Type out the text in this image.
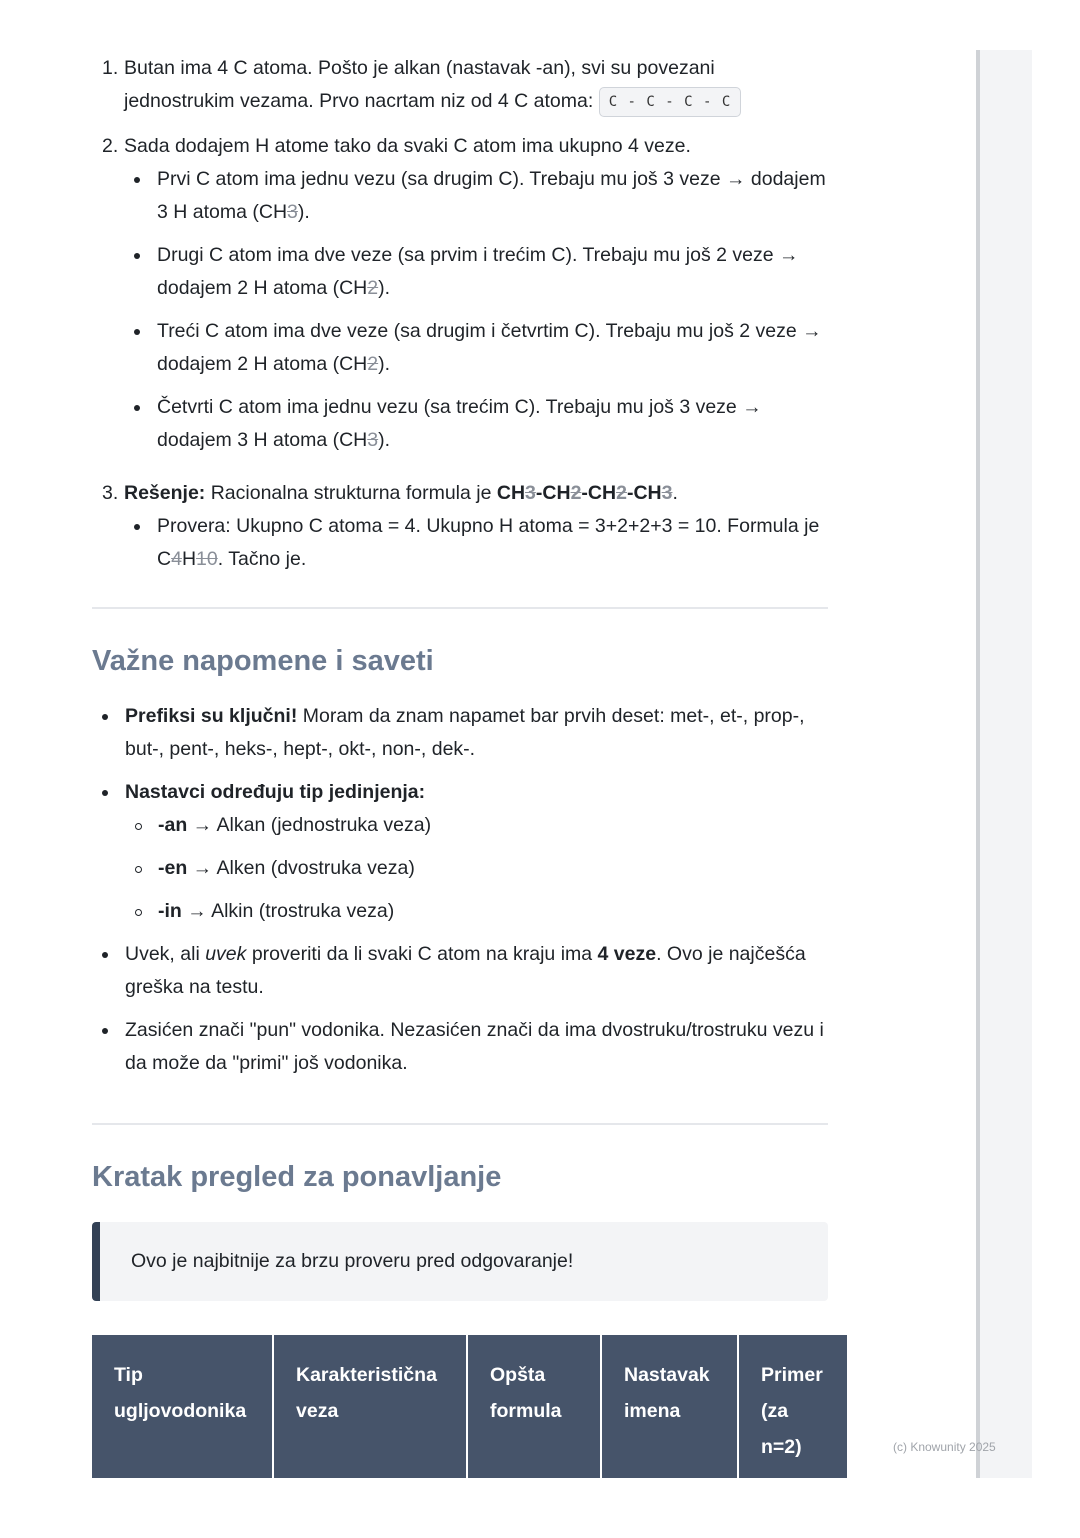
1. Butan ima 4 C atoma. Pošto je alkan (nastavak -an), svi su povezani jednostrukim vezama. Prvo nacrtam niz od 4 C atoma: C - C - C - C
2. Sada dodajem H atome tako da svaki C atom ima ukupno 4 veze.
Prvi C atom ima jednu vezu (sa drugim C). Trebaju mu još 3 veze → dodajem 3 H atoma (CH3).
Drugi C atom ima dve veze (sa prvim i trećim C). Trebaju mu još 2 veze → dodajem 2 H atoma (CH2).
Treći C atom ima dve veze (sa drugim i četvrtim C). Trebaju mu još 2 veze → dodajem 2 H atoma (CH2).
Četvrti C atom ima jednu vezu (sa trećim C). Trebaju mu još 3 veze → dodajem 3 H atoma (CH3).
3. Rešenje: Racionalna strukturna formula je CH3-CH2-CH2-CH3.
Provera: Ukupno C atoma = 4. Ukupno H atoma = 3+2+2+3 = 10. Formula je C4H10. Tačno je.
Važne napomene i saveti
Prefiksi su ključni! Moram da znam napamet bar prvih deset: met-, et-, prop-, but-, pent-, heks-, hept-, okt-, non-, dek-.
Nastavci određuju tip jedinjenja:
-an → Alkan (jednostruka veza)
-en → Alken (dvostruka veza)
-in → Alkin (trostruka veza)
Uvek, ali uvek proveriti da li svaki C atom na kraju ima 4 veze. Ovo je najčešća greška na testu.
Zasićen znači "pun" vodonika. Nezasićen znači da ima dvostruku/trostruku vezu i da može da "primi" još vodonika.
Kratak pregled za ponavljanje
Ovo je najbitnije za brzu proveru pred odgovaranje!
Tip ugljovodonika	Karakteristična veza	Opšta formula	Nastavak imena	Primer (za n=2)	(c) Knowunity 2025
